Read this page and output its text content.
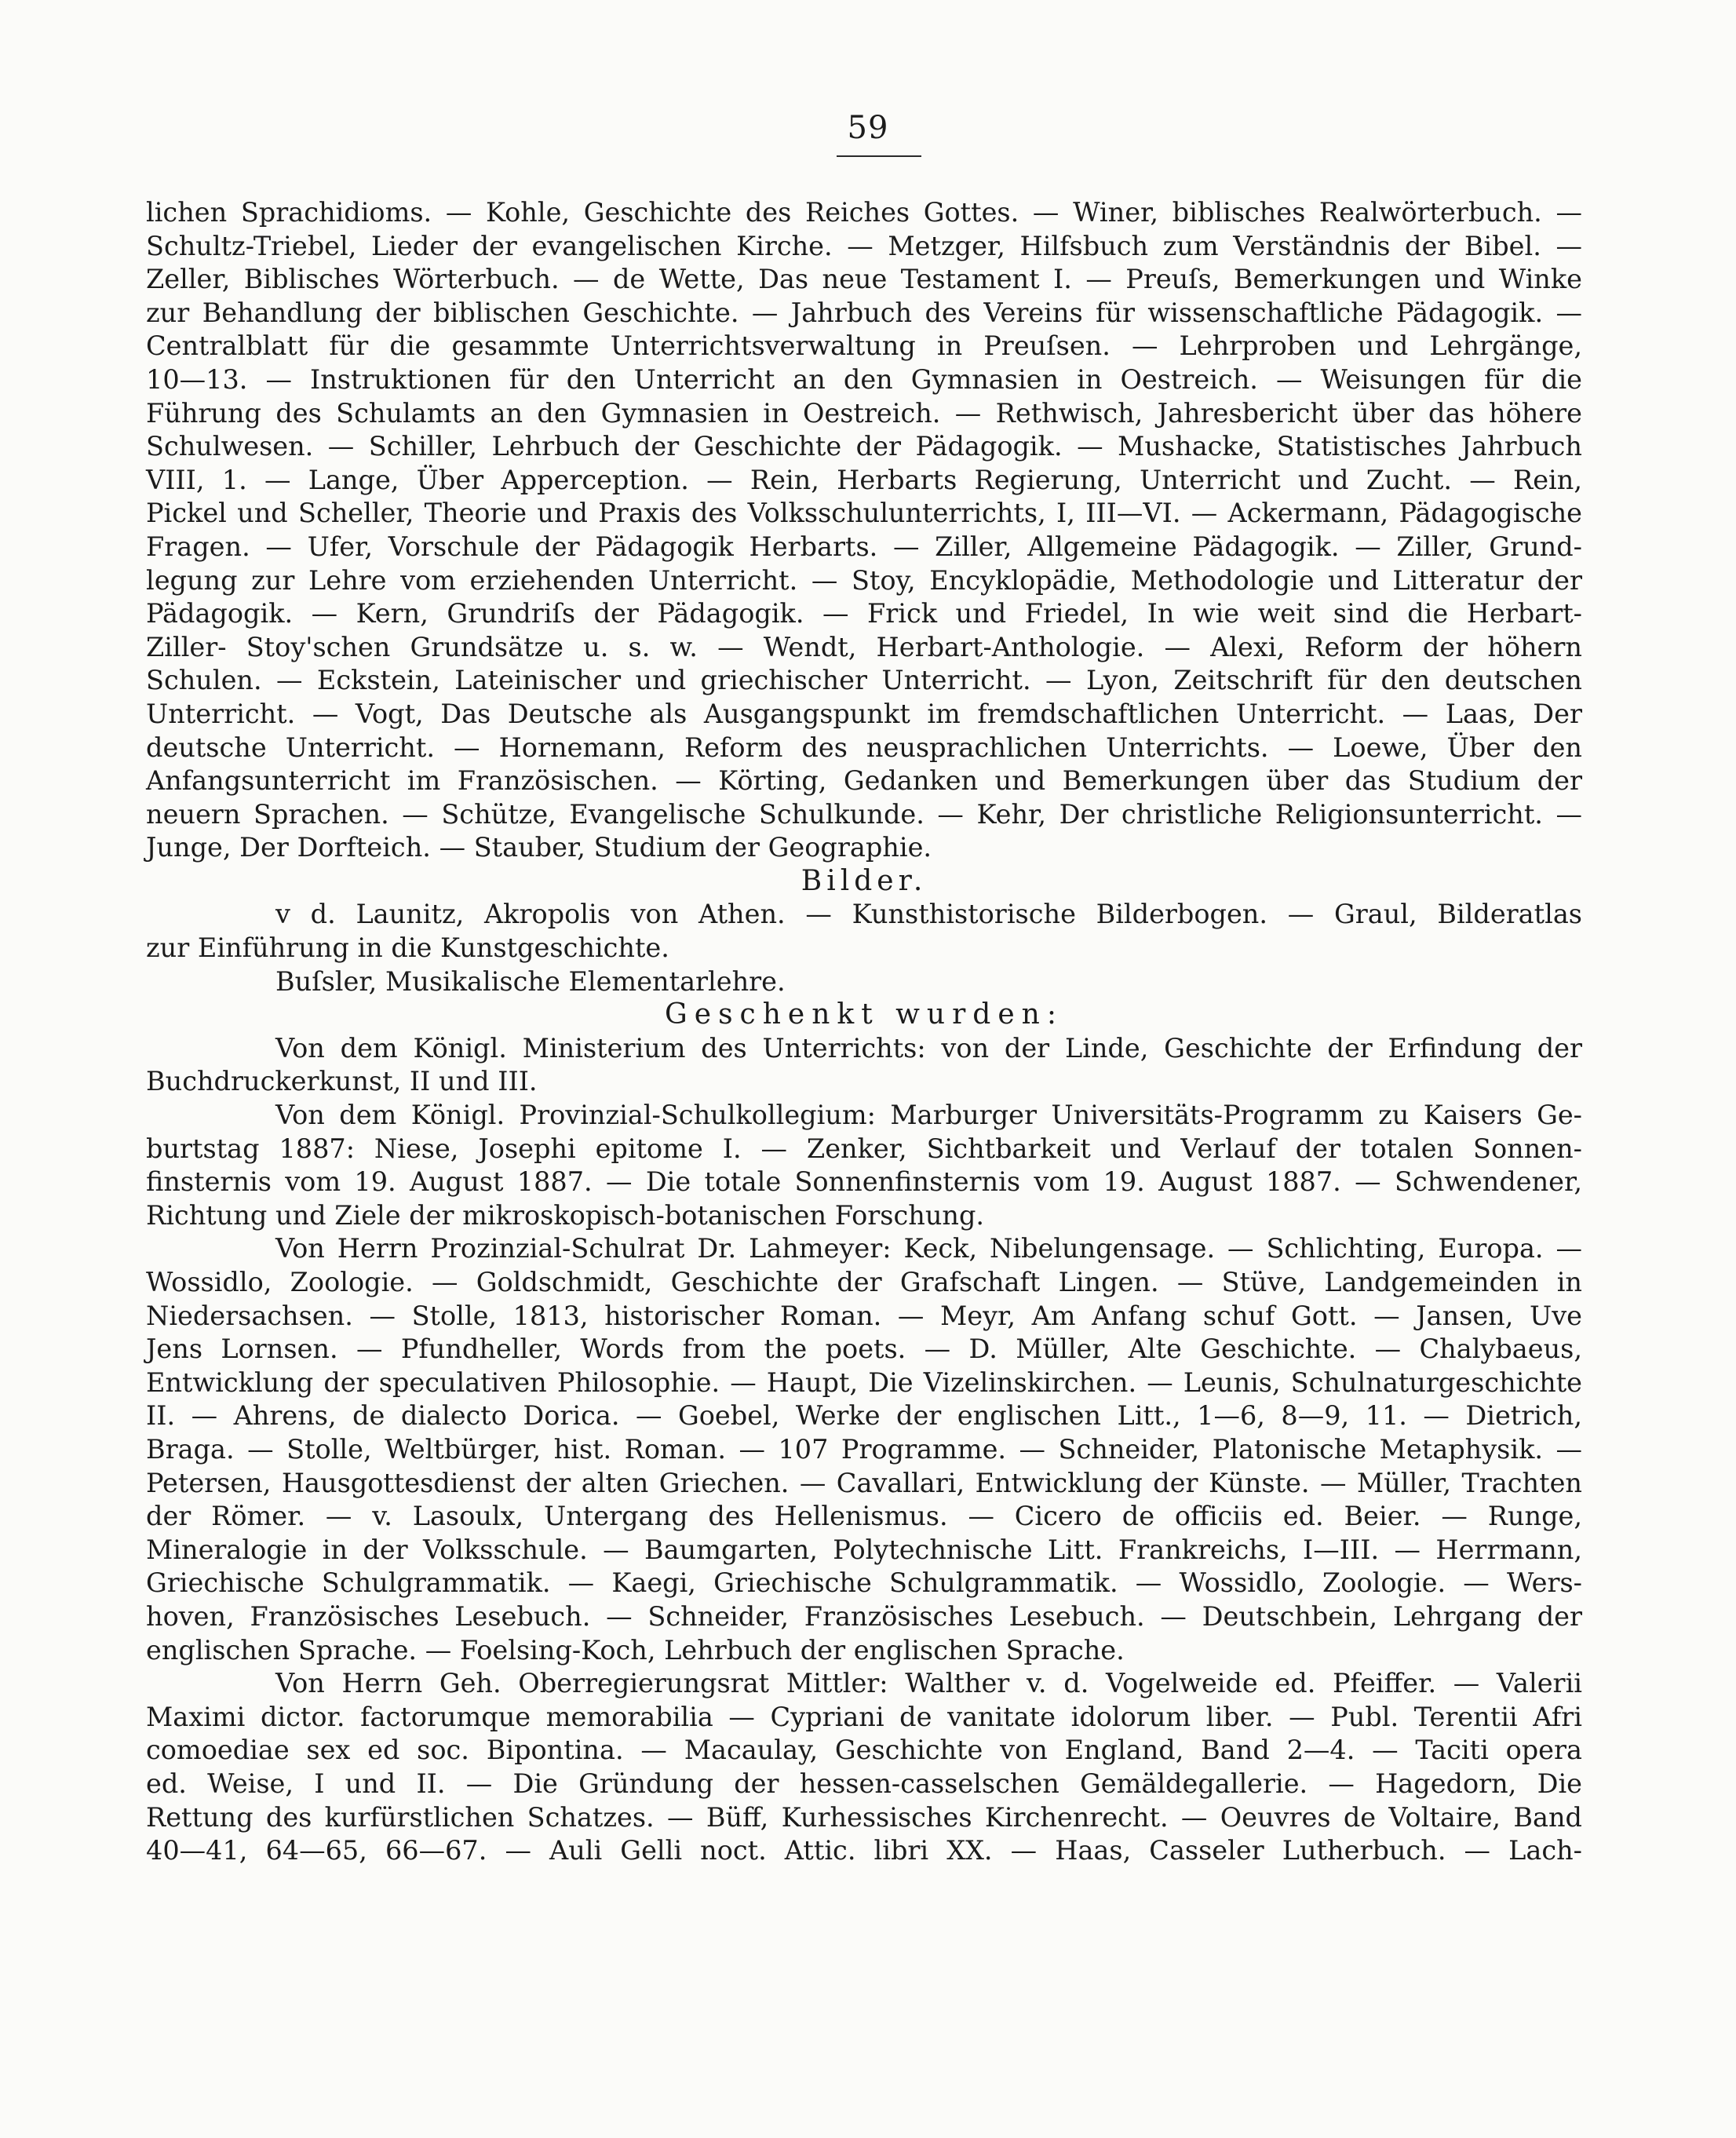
59
lichen Sprachidioms. — Kohle, Geschichte des Reiches Gottes. — Winer, biblisches Realwörterbuch. —
Schultz-Triebel, Lieder der evangelischen Kirche. — Metzger, Hilfsbuch zum Verständnis der Bibel. —
Zeller, Biblisches Wörterbuch. — de Wette, Das neue Testament I. — Preuſs, Bemerkungen und Winke
zur Behandlung der biblischen Geschichte. — Jahrbuch des Vereins für wissenschaftliche Pädagogik. —
Centralblatt für die gesammte Unterrichtsverwaltung in Preuſsen. — Lehrproben und Lehrgänge,
10—13. — Instruktionen für den Unterricht an den Gymnasien in Oestreich. — Weisungen für die
Führung des Schulamts an den Gymnasien in Oestreich. — Rethwisch, Jahresbericht über das höhere
Schulwesen. — Schiller, Lehrbuch der Geschichte der Pädagogik. — Mushacke, Statistisches Jahrbuch
VIII, 1. — Lange, Über Apperception. — Rein, Herbarts Regierung, Unterricht und Zucht. — Rein,
Pickel und Scheller, Theorie und Praxis des Volksschulunterrichts, I, III—VI. — Ackermann, Pädagogische
Fragen. — Ufer, Vorschule der Pädagogik Herbarts. — Ziller, Allgemeine Pädagogik. — Ziller, Grund-
legung zur Lehre vom erziehenden Unterricht. — Stoy, Encyklopädie, Methodologie und Litteratur der
Pädagogik. — Kern, Grundriſs der Pädagogik. — Frick und Friedel, In wie weit sind die Herbart-
Ziller- Stoy'schen Grundsätze u. s. w. — Wendt, Herbart-Anthologie. — Alexi, Reform der höhern
Schulen. — Eckstein, Lateinischer und griechischer Unterricht. — Lyon, Zeitschrift für den deutschen
Unterricht. — Vogt, Das Deutsche als Ausgangspunkt im fremdschaftlichen Unterricht. — Laas, Der
deutsche Unterricht. — Hornemann, Reform des neusprachlichen Unterrichts. — Loewe, Über den
Anfangsunterricht im Französischen. — Körting, Gedanken und Bemerkungen über das Studium der
neuern Sprachen. — Schütze, Evangelische Schulkunde. — Kehr, Der christliche Religionsunterricht. —
Junge, Der Dorfteich. — Stauber, Studium der Geographie.
Bilder.
v d. Launitz, Akropolis von Athen. — Kunsthistorische Bilderbogen. — Graul, Bilderatlas
zur Einführung in die Kunstgeschichte.
Buſsler, Musikalische Elementarlehre.
Geschenkt wurden:
Von dem Königl. Ministerium des Unterrichts: von der Linde, Geschichte der Erfindung der
Buchdruckerkunst, II und III.
Von dem Königl. Provinzial-Schulkollegium: Marburger Universitäts-Programm zu Kaisers Ge-
burtstag 1887: Niese, Josephi epitome I. — Zenker, Sichtbarkeit und Verlauf der totalen Sonnen-
finsternis vom 19. August 1887. — Die totale Sonnenfinsternis vom 19. August 1887. — Schwendener,
Richtung und Ziele der mikroskopisch-botanischen Forschung.
Von Herrn Prozinzial-Schulrat Dr. Lahmeyer: Keck, Nibelungensage. — Schlichting, Europa. —
Wossidlo, Zoologie. — Goldschmidt, Geschichte der Grafschaft Lingen. — Stüve, Landgemeinden in
Niedersachsen. — Stolle, 1813, historischer Roman. — Meyr, Am Anfang schuf Gott. — Jansen, Uve
Jens Lornsen. — Pfundheller, Words from the poets. — D. Müller, Alte Geschichte. — Chalybaeus,
Entwicklung der speculativen Philosophie. — Haupt, Die Vizelinskirchen. — Leunis, Schulnaturgeschichte
II. — Ahrens, de dialecto Dorica. — Goebel, Werke der englischen Litt., 1—6, 8—9, 11. — Dietrich,
Braga. — Stolle, Weltbürger, hist. Roman. — 107 Programme. — Schneider, Platonische Metaphysik. —
Petersen, Hausgottesdienst der alten Griechen. — Cavallari, Entwicklung der Künste. — Müller, Trachten
der Römer. — v. Lasoulx, Untergang des Hellenismus. — Cicero de officiis ed. Beier. — Runge,
Mineralogie in der Volksschule. — Baumgarten, Polytechnische Litt. Frankreichs, I—III. — Herrmann,
Griechische Schulgrammatik. — Kaegi, Griechische Schulgrammatik. — Wossidlo, Zoologie. — Wers-
hoven, Französisches Lesebuch. — Schneider, Französisches Lesebuch. — Deutschbein, Lehrgang der
englischen Sprache. — Foelsing-Koch, Lehrbuch der englischen Sprache.
Von Herrn Geh. Oberregierungsrat Mittler: Walther v. d. Vogelweide ed. Pfeiffer. — Valerii
Maximi dictor. factorumque memorabilia — Cypriani de vanitate idolorum liber. — Publ. Terentii Afri
comoediae sex ed soc. Bipontina. — Macaulay, Geschichte von England, Band 2—4. — Taciti opera
ed. Weise, I und II. — Die Gründung der hessen-casselschen Gemäldegallerie. — Hagedorn, Die
Rettung des kurfürstlichen Schatzes. — Büff, Kurhessisches Kirchenrecht. — Oeuvres de Voltaire, Band
40—41, 64—65, 66—67. — Auli Gelli noct. Attic. libri XX. — Haas, Casseler Lutherbuch. — Lach-
